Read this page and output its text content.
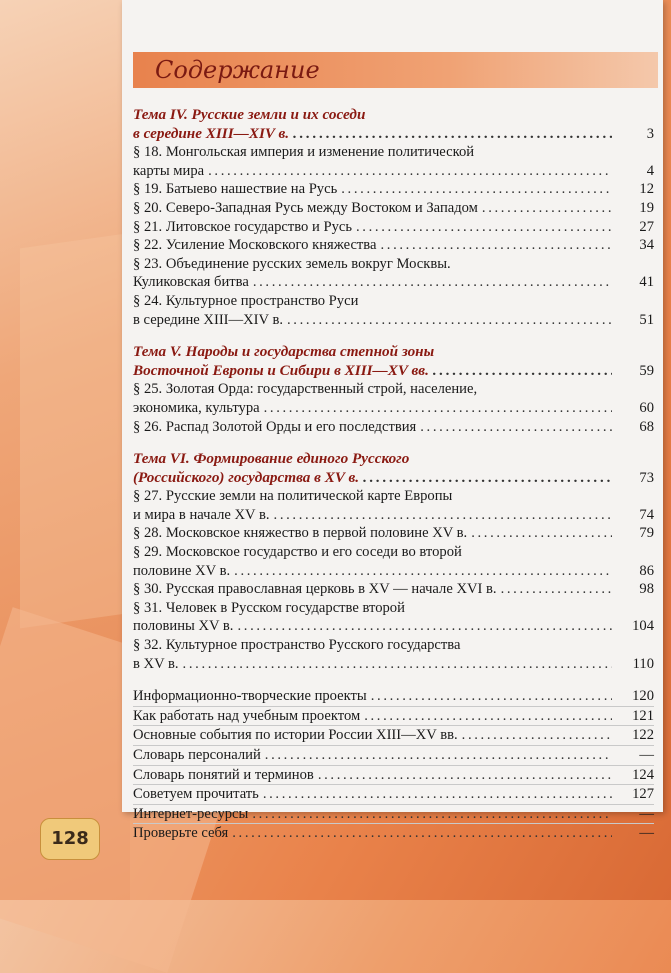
Содержание
Тема IV. Русские земли и их соседи
в середине XIII—XIV в. . . .	3
§ 18. Монгольская империя и изменение политической
карты мира . . .	4
§ 19. Батыево нашествие на Русь . . .	12
§ 20. Северо-Западная Русь между Востоком и Западом . . .	19
§ 21. Литовское государство и Русь . . .	27
§ 22. Усиление Московского княжества . . .	34
§ 23. Объединение русских земель вокруг Москвы.
Куликовская битва . . .	41
§ 24. Культурное пространство Руси
в середине XIII—XIV в. . . .	51
Тема V. Народы и государства степной зоны
Восточной Европы и Сибири в XIII—XV вв. . . .	59
§ 25. Золотая Орда: государственный строй, население,
экономика, культура . . .	60
§ 26. Распад Золотой Орды и его последствия . . .	68
Тема VI. Формирование единого Русского
(Российского) государства в XV в. . . .	73
§ 27. Русские земли на политической карте Европы
и мира в начале XV в. . . .	74
§ 28. Московское княжество в первой половине XV в. . . .	79
§ 29. Московское государство и его соседи во второй
половине XV в. . . .	86
§ 30. Русская православная церковь в XV — начале XVI в. . . .	98
§ 31. Человек в Русском государстве второй
половины XV в. . . .	104
§ 32. Культурное пространство Русского государства
в XV в. . . .	110
Информационно-творческие проекты . . .	120
Как работать над учебным проектом . . .	121
Основные события по истории России XIII—XV вв. . . .	122
Словарь персоналий . . .	—
Словарь понятий и терминов . . .	124
Советуем прочитать . . .	127
Интернет-ресурсы . . .	—
Проверьте себя . . .	—
128
